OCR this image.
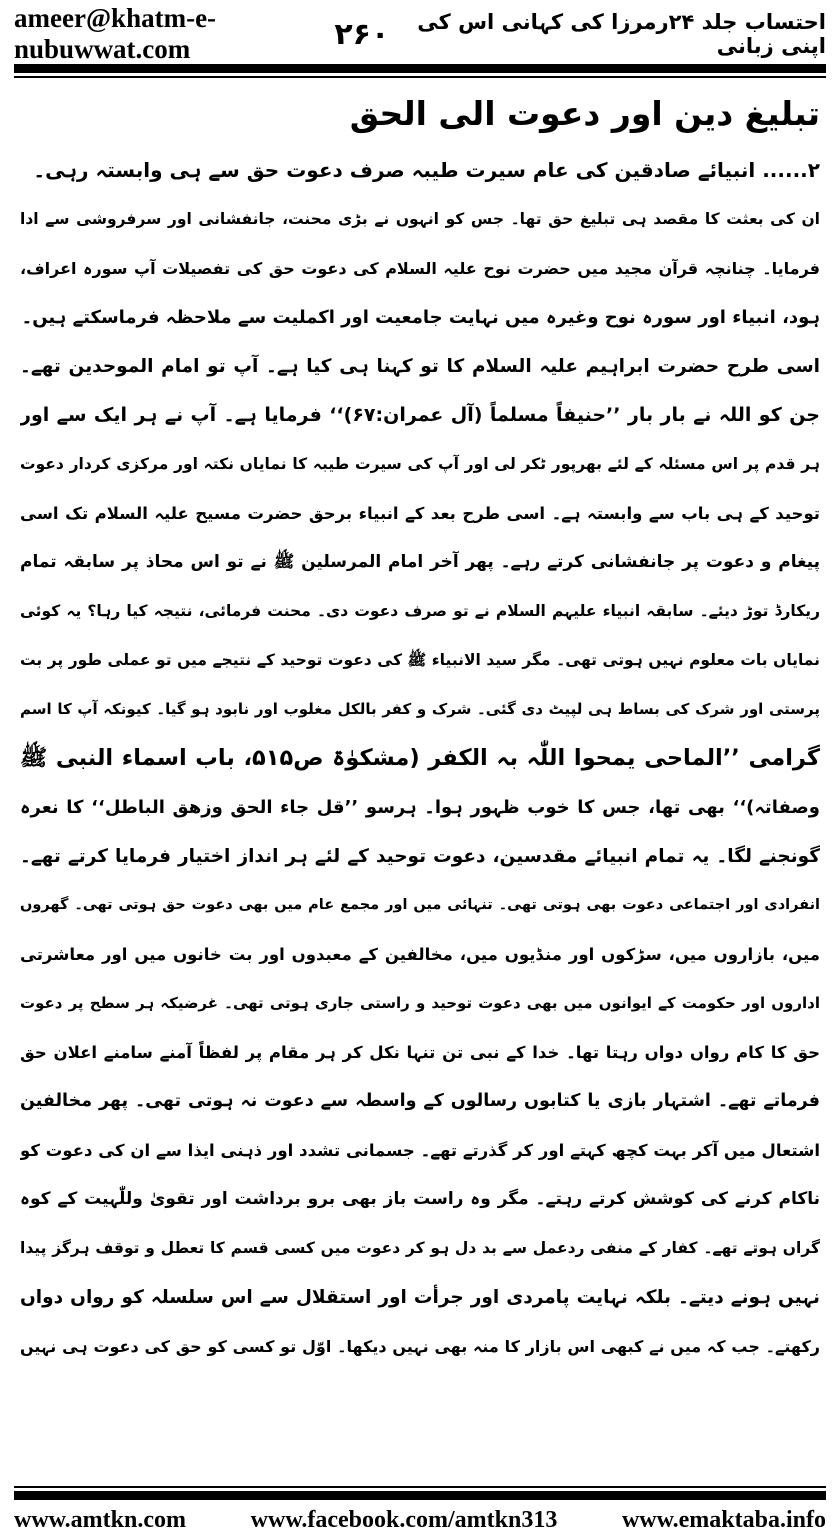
ameer@khatm-e-nubuwwat.com	۲۶۰	احتساب جلد ۲۴رمرزا کی کہانی اس کی اپنی زبانی
تبلیغ دین اور دعوت الی الحق
۲...... انبیائے صادقین کی عام سیرت طیبہ صرف دعوت حق سے ہی وابستہ رہی۔
ان کی بعثت کا مقصد ہی تبلیغ حق تھا۔ جس کو انہوں نے بڑی محنت، جانفشانی اور سرفروشی سے ادا
فرمایا۔ چنانچہ قرآن مجید میں حضرت نوح علیہ السلام کی دعوت حق کی تفصیلات آپ سورہ اعراف،
ہود، انبیاء اور سورہ نوح وغیرہ میں نہایت جامعیت اور اکملیت سے ملاحظہ فرماسکتے ہیں۔
اسی طرح حضرت ابراہیم علیہ السلام کا تو کہنا ہی کیا ہے۔ آپ تو امام الموحدین تھے۔
جن کو اللہ نے بار بار ’’حنیفاً مسلماً (آل عمران:۶۷)‘‘ فرمایا ہے۔ آپ نے ہر ایک سے اور
ہر قدم پر اس مسئلہ کے لئے بھرپور ٹکر لی اور آپ کی سیرت طیبہ کا نمایاں نکتہ اور مرکزی کردار دعوت
توحید کے ہی باب سے وابستہ ہے۔ اسی طرح بعد کے انبیاء برحق حضرت مسیح علیہ السلام تک اسی
پیغام و دعوت پر جانفشانی کرتے رہے۔ پھر آخر امام المرسلین ﷺ نے تو اس محاذ پر سابقہ تمام
ریکارڈ توڑ دیئے۔ سابقہ انبیاء علیہم السلام نے تو صرف دعوت دی۔ محنت فرمائی، نتیجہ کیا رہا؟ یہ کوئی
نمایاں بات معلوم نہیں ہوتی تھی۔ مگر سید الانبیاء ﷺ کی دعوت توحید کے نتیجے میں تو عملی طور پر بت
پرستی اور شرک کی بساط ہی لپیٹ دی گئی۔ شرک و کفر بالکل مغلوب اور نابود ہو گیا۔ کیونکہ آپ کا اسم
گرامی ’’الماحی یمحوا اللّٰہ بہ الکفر (مشکوٰۃ ص۵۱۵، باب اسماء النبی ﷺ
وصفاتہ)‘‘ بھی تھا، جس کا خوب ظہور ہوا۔ ہرسو ’’قل جاء الحق وزھق الباطل‘‘ کا نعرہ
گونجنے لگا۔ یہ تمام انبیائے مقدسین، دعوت توحید کے لئے ہر انداز اختیار فرمایا کرتے تھے۔
انفرادی اور اجتماعی دعوت بھی ہوتی تھی۔ تنہائی میں اور مجمع عام میں بھی دعوت حق ہوتی تھی۔ گھروں
میں، بازاروں میں، سڑکوں اور منڈیوں میں، مخالفین کے معبدوں اور بت خانوں میں اور معاشرتی
اداروں اور حکومت کے ایوانوں میں بھی دعوت توحید و راستی جاری ہوتی تھی۔ غرضیکہ ہر سطح پر دعوت
حق کا کام رواں دواں رہتا تھا۔ خدا کے نبی تن تنہا نکل کر ہر مقام پر لفظاً آمنے سامنے اعلان حق
فرماتے تھے۔ اشتہار بازی یا کتابوں رسالوں کے واسطہ سے دعوت نہ ہوتی تھی۔ پھر مخالفین
اشتعال میں آکر بہت کچھ کہتے اور کر گذرتے تھے۔ جسمانی تشدد اور ذہنی ایذا سے ان کی دعوت کو
ناکام کرنے کی کوشش کرتے رہتے۔ مگر وہ راست باز بھی برو برداشت اور تقویٰ وللّٰہیت کے کوہ
گراں ہوتے تھے۔ کفار کے منفی ردعمل سے بد دل ہو کر دعوت میں کسی قسم کا تعطل و توقف ہرگز پیدا
نہیں ہونے دیتے۔ بلکہ نہایت پامردی اور جرأت اور استقلال سے اس سلسلہ کو رواں دواں
رکھتے۔ جب کہ میں نے کبھی اس بازار کا منہ بھی نہیں دیکھا۔ اوّل تو کسی کو حق کی دعوت ہی نہیں
www.amtkn.com	www.facebook.com/amtkn313	www.emaktaba.info
